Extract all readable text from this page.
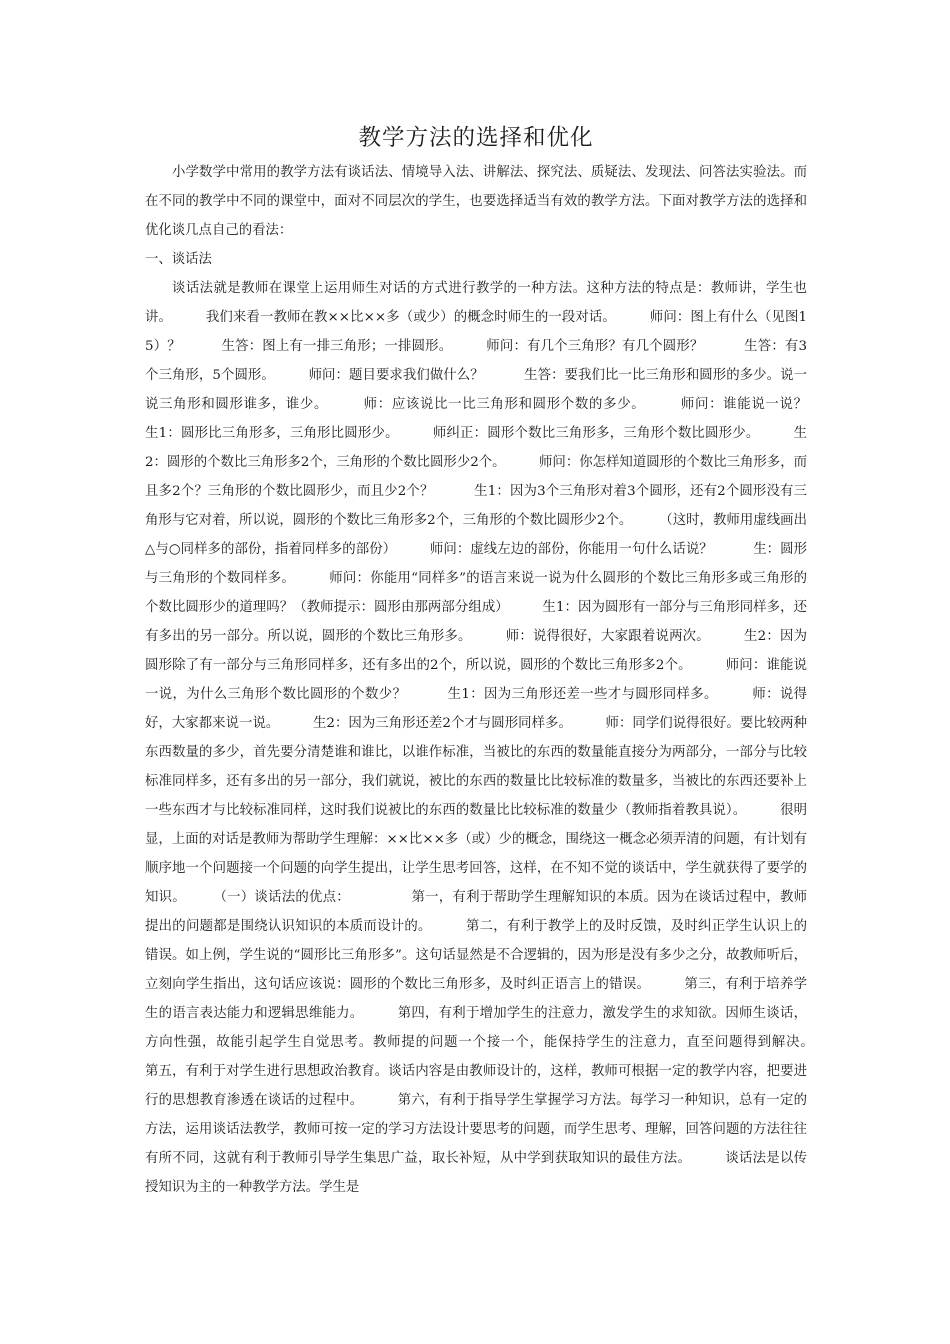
教学方法的选择和优化

小学数学中常用的教学方法有谈话法、情境导入法、讲解法、探究法、质疑法、发现法、问答法实验法。而在不同的教学中不同的课堂中，面对不同层次的学生，也要选择适当有效的教学方法。下面对教学方法的选择和优化谈几点自己的看法：

一、谈话法

谈话法就是教师在课堂上运用师生对话的方式进行教学的一种方法。这种方法的特点是：教师讲，学生也讲。　　　我们来看一教师在教××比××多（或少）的概念时师生的一段对话。　　　师问：图上有什么（见图15）？　　　生答：图上有一排三角形；一排圆形。　　　师问：有几个三角形？有几个圆形？　　　生答：有3个三角形，5个圆形。　　　师问：题目要求我们做什么？　　　生答：要我们比一比三角形和圆形的多少。说一说三角形和圆形谁多，谁少。　　　师：应该说比一比三角形和圆形个数的多少。　　　师问：谁能说一说？　　　生1：圆形比三角形多，三角形比圆形少。　　　师纠正：圆形个数比三角形多，三角形个数比圆形少。　　　生2：圆形的个数比三角形多2个，三角形的个数比圆形少2个。　　　师问：你怎样知道圆形的个数比三角形多，而且多2个？三角形的个数比圆形少，而且少2个？　　　生1：因为3个三角形对着3个圆形，还有2个圆形没有三角形与它对着，所以说，圆形的个数比三角形多2个，三角形的个数比圆形少2个。　　　（这时，教师用虚线画出△与○同样多的部份，指着同样多的部份）　　　师问：虚线左边的部份，你能用一句什么话说？　　　生：圆形与三角形的个数同样多。　　　师问：你能用“同样多”的语言来说一说为什么圆形的个数比三角形多或三角形的个数比圆形少的道理吗？（教师提示：圆形由那两部分组成）　　　生1：因为圆形有一部分与三角形同样多，还有多出的另一部分。所以说，圆形的个数比三角形多。　　　师：说得很好，大家跟着说两次。　　　生2：因为圆形除了有一部分与三角形同样多，还有多出的2个，所以说，圆形的个数比三角形多2个。　　　师问：谁能说一说，为什么三角形个数比圆形的个数少？　　　生1：因为三角形还差一些才与圆形同样多。　　　师：说得好，大家都来说一说。　　　生2：因为三角形还差2个才与圆形同样多。　　　师：同学们说得很好。要比较两种东西数量的多少，首先要分清楚谁和谁比，以谁作标准，当被比的东西的数量能直接分为两部分，一部分与比较标准同样多，还有多出的另一部分，我们就说，被比的东西的数量比比较标准的数量多，当被比的东西还要补上一些东西才与比较标准同样，这时我们说被比的东西的数量比比较标准的数量少（教师指着教具说）。　　　很明显，上面的对话是教师为帮助学生理解：××比××多（或）少的概念，围绕这一概念必须弄清的问题，有计划有顺序地一个问题接一个问题的向学生提出，让学生思考回答，这样，在不知不觉的谈话中，学生就获得了要学的知识。　　　（一）谈话法的优点：　　　　　第一，有利于帮助学生理解知识的本质。因为在谈话过程中，教师提出的问题都是围绕认识知识的本质而设计的。　　　第二，有利于教学上的及时反馈，及时纠正学生认识上的错误。如上例，学生说的“圆形比三角形多”。这句话显然是不合逻辑的，因为形是没有多少之分，故教师听后，立刻向学生指出，这句话应该说：圆形的个数比三角形多，及时纠正语言上的错误。　　　第三，有利于培养学生的语言表达能力和逻辑思维能力。　　　第四，有利于增加学生的注意力，激发学生的求知欲。因师生谈话，方向性强，故能引起学生自觉思考。教师提的问题一个接一个，能保持学生的注意力，直至问题得到解决。　　　第五，有利于对学生进行思想政治教育。谈话内容是由教师设计的，这样，教师可根据一定的教学内容，把要进行的思想教育渗透在谈话的过程中。　　　第六，有利于指导学生掌握学习方法。每学习一种知识，总有一定的方法，运用谈话法教学，教师可按一定的学习方法设计要思考的问题，而学生思考、理解，回答问题的方法往往有所不同，这就有利于教师引导学生集思广益，取长补短，从中学到获取知识的最佳方法。　　　谈话法是以传授知识为主的一种教学方法。学生是
